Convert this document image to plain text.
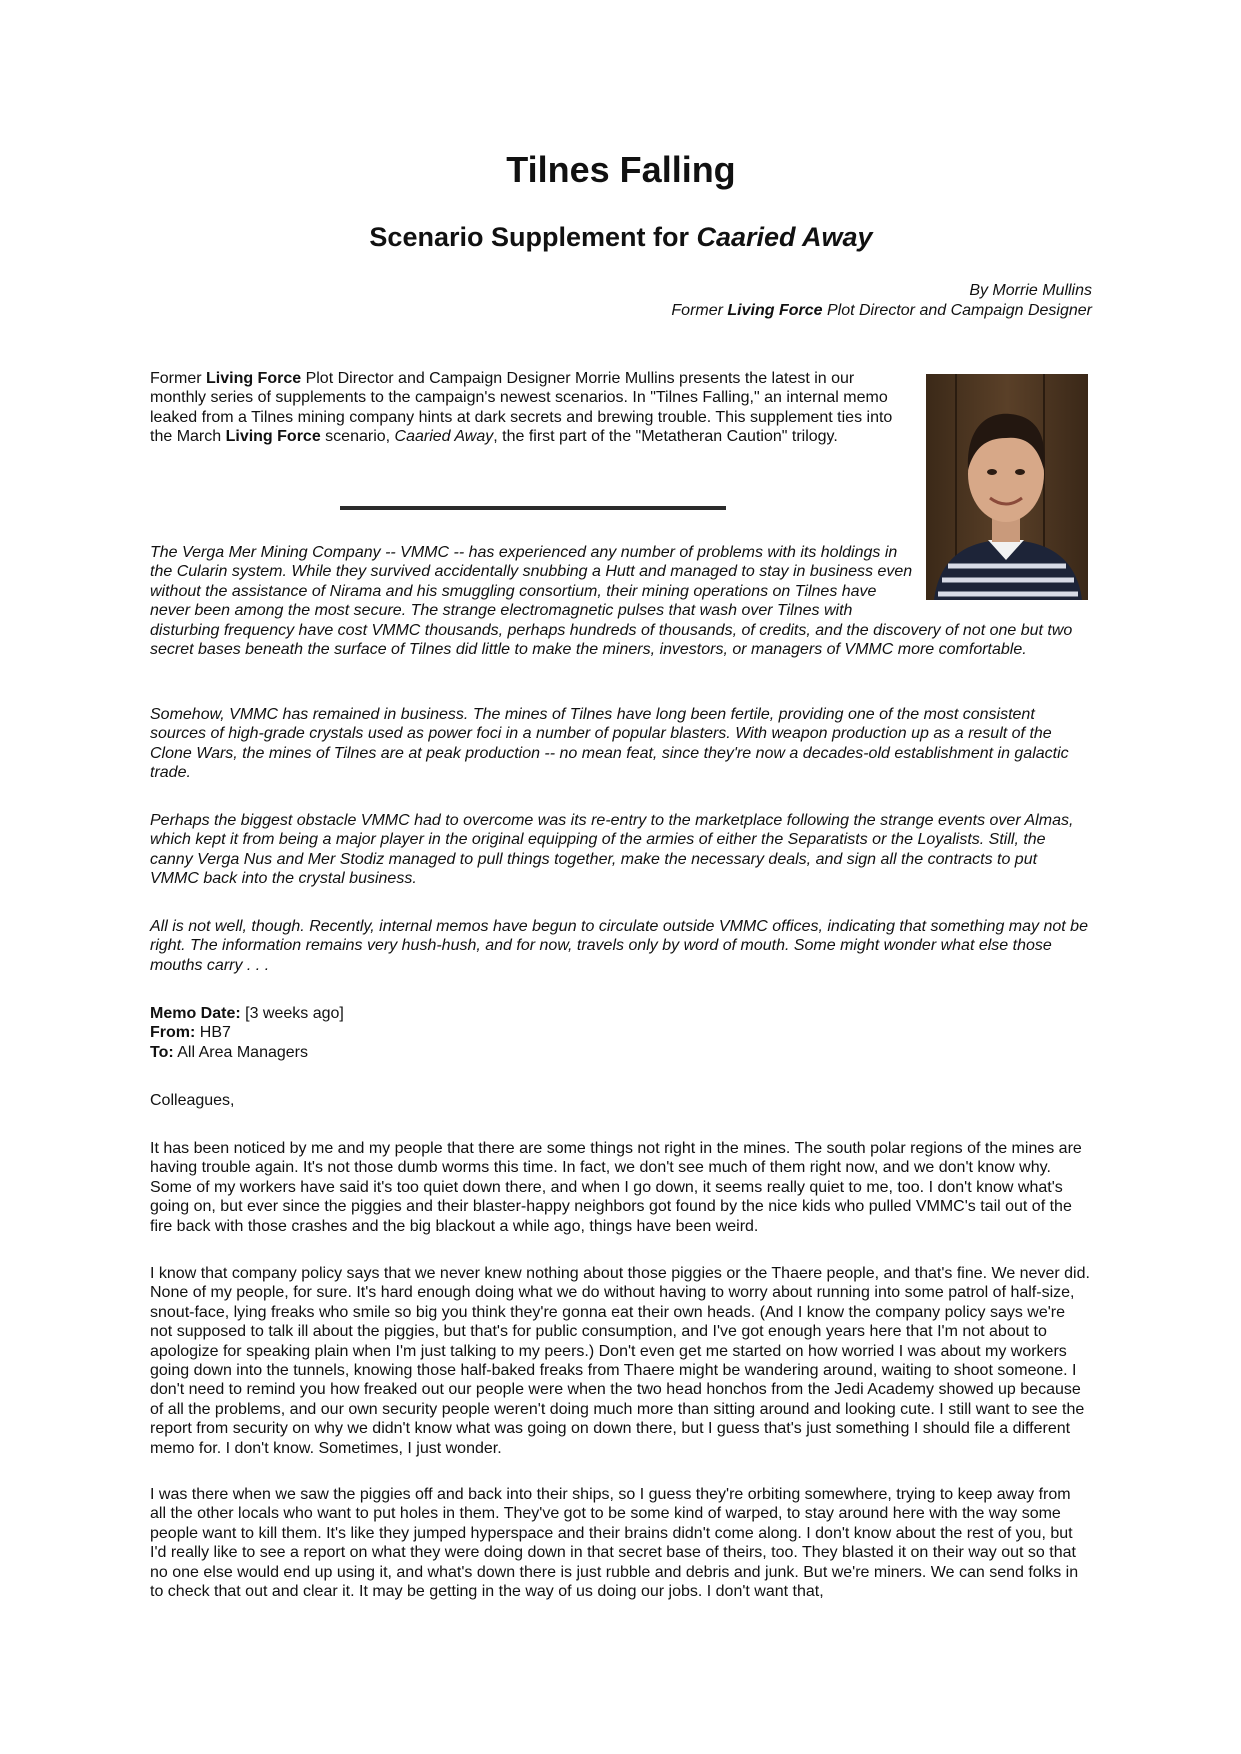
Tilnes Falling
Scenario Supplement for Caaried Away
By Morrie Mullins
Former Living Force Plot Director and Campaign Designer

Former Living Force Plot Director and Campaign Designer Morrie Mullins presents the latest in our monthly series of supplements to the campaign's newest scenarios. In "Tilnes Falling," an internal memo leaked from a Tilnes mining company hints at dark secrets and brewing trouble. This supplement ties into the March Living Force scenario, Caaried Away, the first part of the "Metatheran Caution" trilogy.

The Verga Mer Mining Company -- VMMC -- has experienced any number of problems with its holdings in the Cularin system. While they survived accidentally snubbing a Hutt and managed to stay in business even without the assistance of Nirama and his smuggling consortium, their mining operations on Tilnes have never been among the most secure. The strange electromagnetic pulses that wash over Tilnes with disturbing frequency have cost VMMC thousands, perhaps hundreds of thousands, of credits, and the discovery of not one but two secret bases beneath the surface of Tilnes did little to make the miners, investors, or managers of VMMC more comfortable.

Somehow, VMMC has remained in business. The mines of Tilnes have long been fertile, providing one of the most consistent sources of high-grade crystals used as power foci in a number of popular blasters. With weapon production up as a result of the Clone Wars, the mines of Tilnes are at peak production -- no mean feat, since they're now a decades-old establishment in galactic trade.

Perhaps the biggest obstacle VMMC had to overcome was its re-entry to the marketplace following the strange events over Almas, which kept it from being a major player in the original equipping of the armies of either the Separatists or the Loyalists. Still, the canny Verga Nus and Mer Stodiz managed to pull things together, make the necessary deals, and sign all the contracts to put VMMC back into the crystal business.

All is not well, though. Recently, internal memos have begun to circulate outside VMMC offices, indicating that something may not be right. The information remains very hush-hush, and for now, travels only by word of mouth. Some might wonder what else those mouths carry . . .

Memo Date: [3 weeks ago]
From: HB7
To: All Area Managers

Colleagues,

It has been noticed by me and my people that there are some things not right in the mines. The south polar regions of the mines are having trouble again. It's not those dumb worms this time. In fact, we don't see much of them right now, and we don't know why. Some of my workers have said it's too quiet down there, and when I go down, it seems really quiet to me, too. I don't know what's going on, but ever since the piggies and their blaster-happy neighbors got found by the nice kids who pulled VMMC's tail out of the fire back with those crashes and the big blackout a while ago, things have been weird.

I know that company policy says that we never knew nothing about those piggies or the Thaere people, and that's fine. We never did. None of my people, for sure. It's hard enough doing what we do without having to worry about running into some patrol of half-size, snout-face, lying freaks who smile so big you think they're gonna eat their own heads. (And I know the company policy says we're not supposed to talk ill about the piggies, but that's for public consumption, and I've got enough years here that I'm not about to apologize for speaking plain when I'm just talking to my peers.) Don't even get me started on how worried I was about my workers going down into the tunnels, knowing those half-baked freaks from Thaere might be wandering around, waiting to shoot someone. I don't need to remind you how freaked out our people were when the two head honchos from the Jedi Academy showed up because of all the problems, and our own security people weren't doing much more than sitting around and looking cute. I still want to see the report from security on why we didn't know what was going on down there, but I guess that's just something I should file a different memo for. I don't know. Sometimes, I just wonder.

I was there when we saw the piggies off and back into their ships, so I guess they're orbiting somewhere, trying to keep away from all the other locals who want to put holes in them. They've got to be some kind of warped, to stay around here with the way some people want to kill them. It's like they jumped hyperspace and their brains didn't come along. I don't know about the rest of you, but I'd really like to see a report on what they were doing down in that secret base of theirs, too. They blasted it on their way out so that no one else would end up using it, and what's down there is just rubble and debris and junk. But we're miners. We can send folks in to check that out and clear it. It may be getting in the way of us doing our jobs. I don't want that,
